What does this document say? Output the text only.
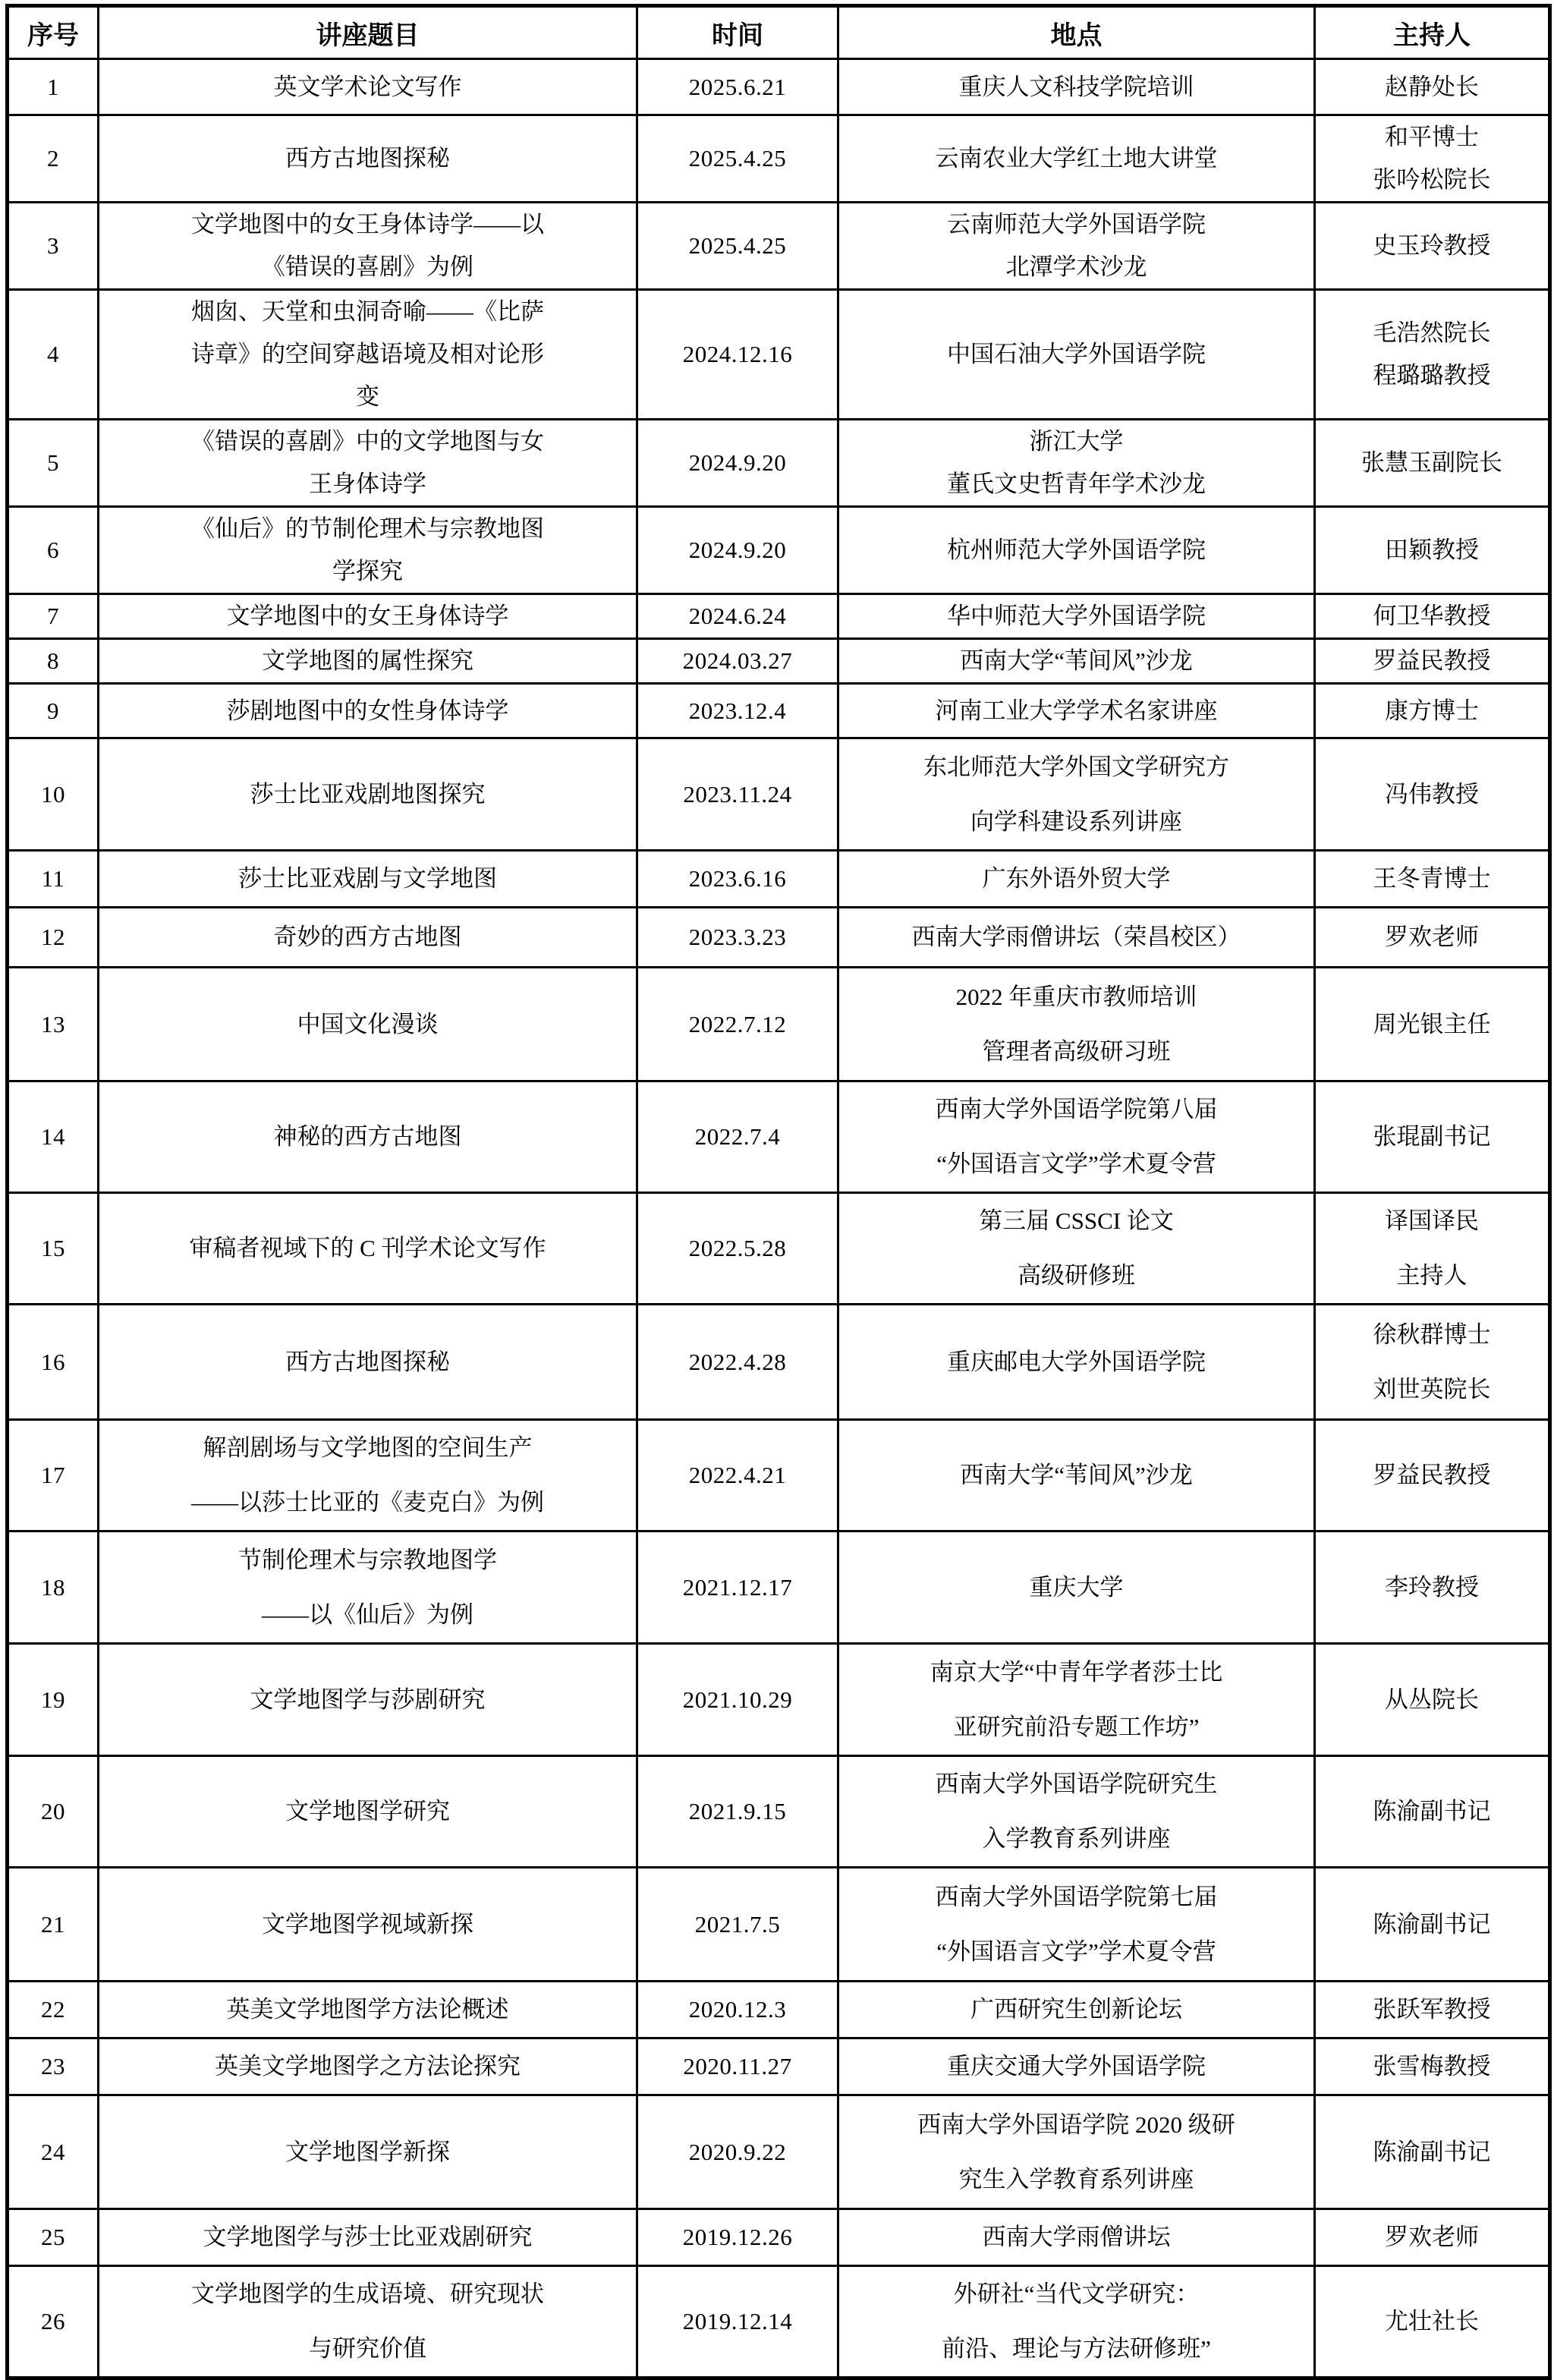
序号	讲座题目	时间	地点	主持人

1	英文学术论文写作	2025.6.21	重庆人文科技学院培训	赵静处长

2	西方古地图探秘	2025.4.25	云南农业大学红土地大讲堂	和平博士
张吟松院长

3	文学地图中的女王身体诗学——以
《错误的喜剧》为例	2025.4.25	云南师范大学外国语学院
北潭学术沙龙	史玉玲教授

4	烟囱、天堂和虫洞奇喻——《比萨
诗章》的空间穿越语境及相对论形
变	2024.12.16	中国石油大学外国语学院	毛浩然院长
程璐璐教授

5	《错误的喜剧》中的文学地图与女
王身体诗学	2024.9.20	浙江大学
董氏文史哲青年学术沙龙	张慧玉副院长

6	《仙后》的节制伦理术与宗教地图
学探究	2024.9.20	杭州师范大学外国语学院	田颖教授

7	文学地图中的女王身体诗学	2024.6.24	华中师范大学外国语学院	何卫华教授

8	文学地图的属性探究	2024.03.27	西南大学“苇间风”沙龙	罗益民教授

9	莎剧地图中的女性身体诗学	2023.12.4	河南工业大学学术名家讲座	康方博士

10	莎士比亚戏剧地图探究	2023.11.24	东北师范大学外国文学研究方
向学科建设系列讲座	冯伟教授

11	莎士比亚戏剧与文学地图	2023.6.16	广东外语外贸大学	王冬青博士

12	奇妙的西方古地图	2023.3.23	西南大学雨僧讲坛（荣昌校区）	罗欢老师

13	中国文化漫谈	2022.7.12	2022 年重庆市教师培训
管理者高级研习班	周光银主任

14	神秘的西方古地图	2022.7.4	西南大学外国语学院第八届
“外国语言文学”学术夏令营	张琨副书记

15	审稿者视域下的 C 刊学术论文写作	2022.5.28	第三届 CSSCI 论文
高级研修班	译国译民
主持人

16	西方古地图探秘	2022.4.28	重庆邮电大学外国语学院	徐秋群博士
刘世英院长

17	解剖剧场与文学地图的空间生产
——以莎士比亚的《麦克白》为例	2022.4.21	西南大学“苇间风”沙龙	罗益民教授

18	节制伦理术与宗教地图学
——以《仙后》为例	2021.12.17	重庆大学	李玲教授

19	文学地图学与莎剧研究	2021.10.29	南京大学“中青年学者莎士比
亚研究前沿专题工作坊”	从丛院长

20	文学地图学研究	2021.9.15	西南大学外国语学院研究生
入学教育系列讲座	陈渝副书记

21	文学地图学视域新探	2021.7.5	西南大学外国语学院第七届
“外国语言文学”学术夏令营	陈渝副书记

22	英美文学地图学方法论概述	2020.12.3	广西研究生创新论坛	张跃军教授

23	英美文学地图学之方法论探究	2020.11.27	重庆交通大学外国语学院	张雪梅教授

24	文学地图学新探	2020.9.22	西南大学外国语学院 2020 级研
究生入学教育系列讲座	陈渝副书记

25	文学地图学与莎士比亚戏剧研究	2019.12.26	西南大学雨僧讲坛	罗欢老师

26	文学地图学的生成语境、研究现状
与研究价值	2019.12.14	外研社“当代文学研究：
前沿、理论与方法研修班”	尤壮社长
